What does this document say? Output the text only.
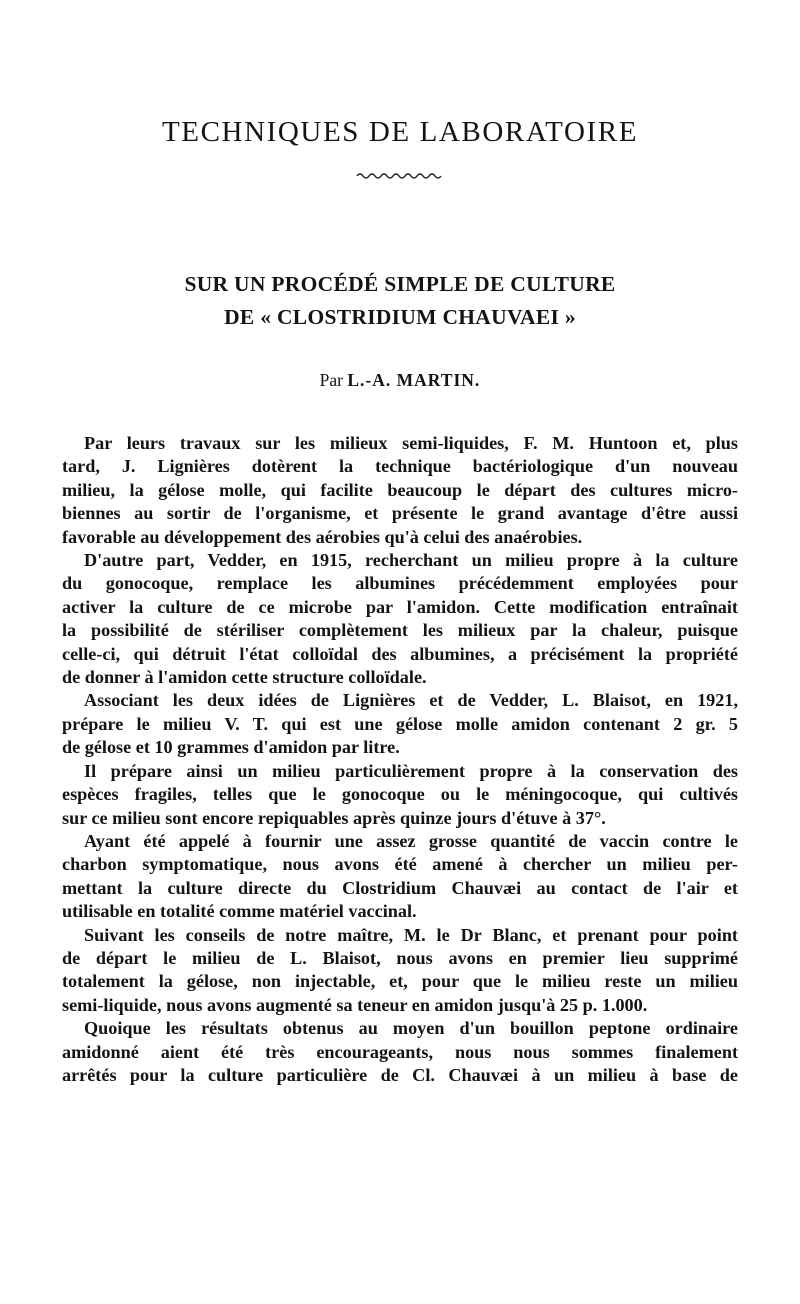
TECHNIQUES DE LABORATOIRE
SUR UN PROCÉDÉ SIMPLE DE CULTURE
DE « CLOSTRIDIUM CHAUVAEI »
Par L.-A. MARTIN.

Par leurs travaux sur les milieux semi-liquides, F. M. Huntoon et, plus
tard, J. Lignières dotèrent la technique bactériologique d'un nouveau
milieu, la gélose molle, qui facilite beaucoup le départ des cultures micro-
biennes au sortir de l'organisme, et présente le grand avantage d'être aussi
favorable au développement des aérobies qu'à celui des anaérobies.

D'autre part, Vedder, en 1915, recherchant un milieu propre à la culture
du gonocoque, remplace les albumines précédemment employées pour
activer la culture de ce microbe par l'amidon. Cette modification entraînait
la possibilité de stériliser complètement les milieux par la chaleur, puisque
celle-ci, qui détruit l'état colloïdal des albumines, a précisément la propriété
de donner à l'amidon cette structure colloïdale.

Associant les deux idées de Lignières et de Vedder, L. Blaisot, en 1921,
prépare le milieu V. T. qui est une gélose molle amidon contenant 2 gr. 5
de gélose et 10 grammes d'amidon par litre.

Il prépare ainsi un milieu particulièrement propre à la conservation des
espèces fragiles, telles que le gonocoque ou le méningocoque, qui cultivés
sur ce milieu sont encore repiquables après quinze jours d'étuve à 37°.

Ayant été appelé à fournir une assez grosse quantité de vaccin contre le
charbon symptomatique, nous avons été amené à chercher un milieu per-
mettant la culture directe du Clostridium Chauvæi au contact de l'air et
utilisable en totalité comme matériel vaccinal.

Suivant les conseils de notre maître, M. le Dr Blanc, et prenant pour point
de départ le milieu de L. Blaisot, nous avons en premier lieu supprimé
totalement la gélose, non injectable, et, pour que le milieu reste un milieu
semi-liquide, nous avons augmenté sa teneur en amidon jusqu'à 25 p. 1.000.

Quoique les résultats obtenus au moyen d'un bouillon peptone ordinaire
amidonné aient été très encourageants, nous nous sommes finalement
arrêtés pour la culture particulière de Cl. Chauvæi à un milieu à base de
